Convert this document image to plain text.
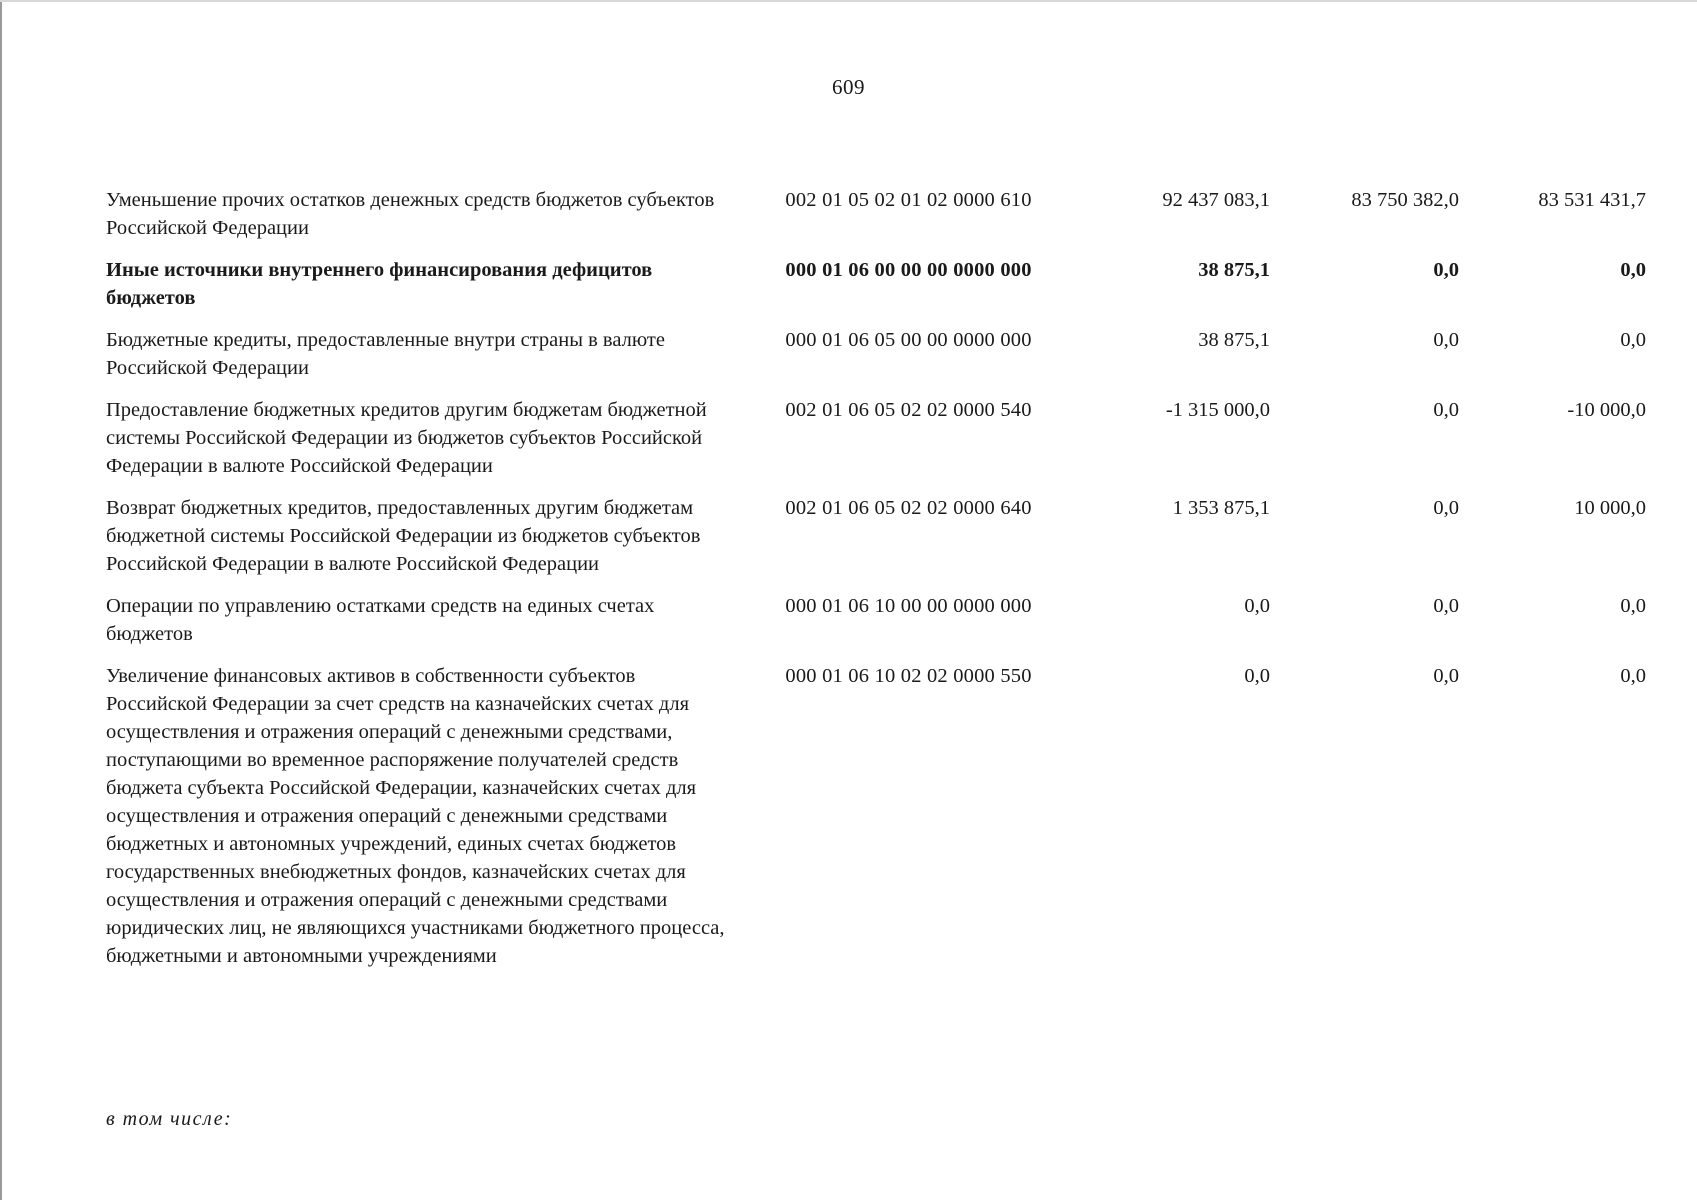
609
Уменьшение прочих остатков денежных средств бюджетов субъектов Российской Федерации	002 01 05 02 01 02 0000 610	92 437 083,1	83 750 382,0	83 531 431,7
Иные источники внутреннего финансирования дефицитов бюджетов	000 01 06 00 00 00 0000 000	38 875,1	0,0	0,0
Бюджетные кредиты, предоставленные внутри страны в валюте Российской Федерации	000 01 06 05 00 00 0000 000	38 875,1	0,0	0,0
Предоставление бюджетных кредитов другим бюджетам бюджетной системы Российской Федерации из бюджетов субъектов Российской Федерации в валюте Российской Федерации	002 01 06 05 02 02 0000 540	-1 315 000,0	0,0	-10 000,0
Возврат бюджетных кредитов, предоставленных другим бюджетам бюджетной системы Российской Федерации из бюджетов субъектов Российской Федерации в валюте Российской Федерации	002 01 06 05 02 02 0000 640	1 353 875,1	0,0	10 000,0
Операции по управлению остатками средств на единых счетах бюджетов	000 01 06 10 00 00 0000 000	0,0	0,0	0,0
Увеличение финансовых активов в собственности субъектов Российской Федерации за счет средств на казначейских счетах для осуществления и отражения операций с денежными средствами, поступающими во временное распоряжение получателей средств бюджета субъекта Российской Федерации, казначейских счетах для осуществления и отражения операций с денежными средствами бюджетных и автономных учреждений, единых счетах бюджетов государственных внебюджетных фондов, казначейских счетах для осуществления и отражения операций с денежными средствами юридических лиц, не являющихся участниками бюджетного процесса, бюджетными и автономными учреждениями	000 01 06 10 02 02 0000 550	0,0	0,0	0,0
в том числе:
